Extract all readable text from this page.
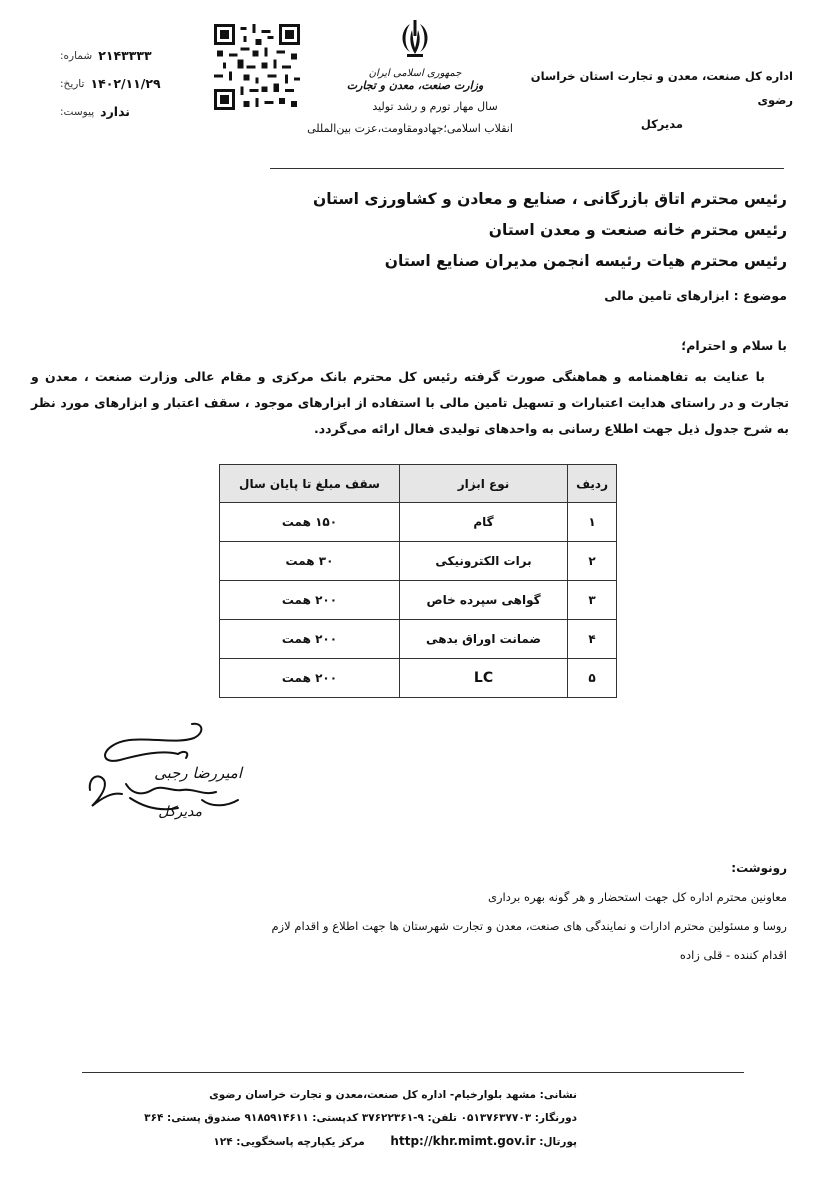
اداره کل صنعت، معدن و تجارت استان خراسان رضوی
مدیرکل
جمهوری اسلامی ایران
وزارت صنعت، معدن و تجارت
سال مهار تورم و رشد تولید
انقلاب اسلامی؛جهادومقاومت،عزت بین‌المللی
شماره: ۲۱۴۳۳۳۳
تاریخ: ۱۴۰۲/۱۱/۲۹
پیوست: ندارد
رئیس محترم اتاق بازرگانی ، صنایع و معادن و کشاورزی استان
رئیس محترم خانه صنعت و معدن استان
رئیس محترم هیات رئیسه انجمن مدیران صنایع استان
موضوع : ابزارهای تامین مالی
با سلام و احترام؛
با عنایت به تفاهمنامه و هماهنگی صورت گرفته رئیس کل محترم بانک مرکزی و مقام عالی وزارت صنعت ، معدن و تجارت و در راستای هدایت اعتبارات و تسهیل تامین مالی با استفاده از ابزارهای موجود ، سقف اعتبار و ابزارهای مورد نظر به شرح جدول ذیل جهت اطلاع رسانی به واحدهای تولیدی فعال ارائه می‌گردد.
ردیف	نوع ابزار	سقف مبلغ تا پایان سال
۱	گام	۱۵۰ همت
۲	برات الکترونیکی	۳۰ همت
۳	گواهی سپرده خاص	۲۰۰ همت
۴	ضمانت اوراق بدهی	۲۰۰ همت
۵	LC	۲۰۰ همت
امیررضا رجبی
مدیرکل
رونوشت:
معاونین محترم اداره کل جهت استحضار و هر گونه بهره برداری
روسا و مسئولین محترم ادارات و نمایندگی های صنعت، معدن و تجارت شهرستان ها جهت اطلاع و اقدام لازم
اقدام کننده - قلی زاده
نشانی: مشهد بلوارخیام- اداره کل صنعت،معدن و تجارت خراسان رضوی
دورنگار: ۰۵۱۳۷۶۳۷۷۰۳ تلفن: ۹-۳۷۶۲۲۳۶۱ کدپستی: ۹۱۸۵۹۱۴۶۱۱ صندوق پستی: ۳۶۴
پورتال: http://khr.mimt.gov.ir مرکز یکپارچه پاسخگویی: ۱۲۴
